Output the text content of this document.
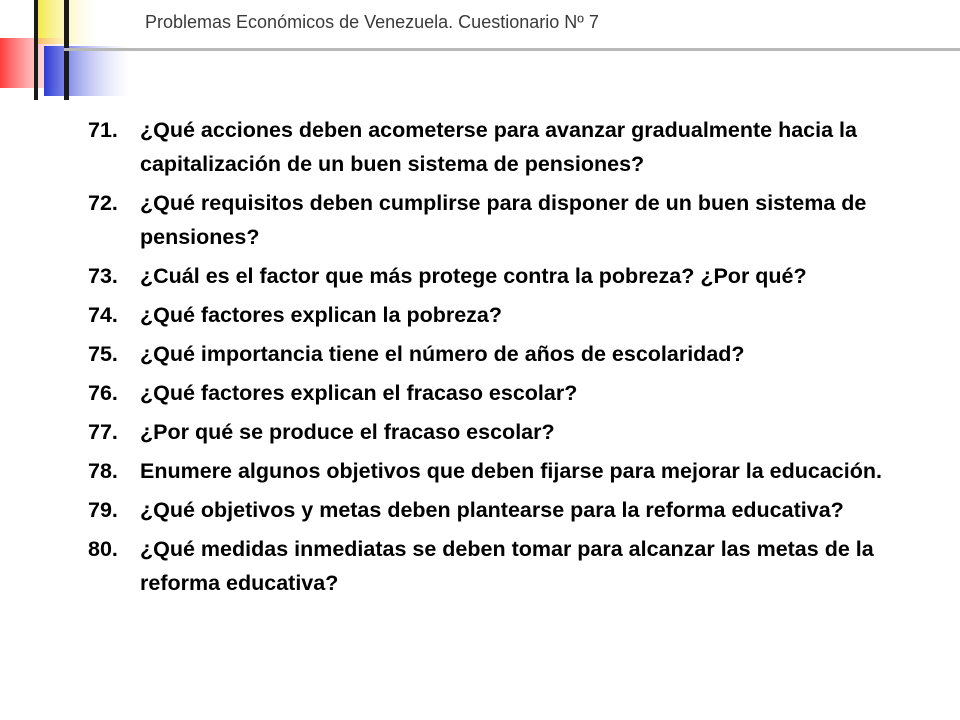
Problemas Económicos de Venezuela. Cuestionario Nº 7
71.	¿Qué acciones deben acometerse para avanzar gradualmente hacia la capitalización de un buen sistema de pensiones?
72.	¿Qué requisitos deben cumplirse para disponer de un buen sistema de pensiones?
73.	¿Cuál es el factor que más protege contra la pobreza? ¿Por qué?
74.	¿Qué factores explican la pobreza?
75.	¿Qué importancia tiene el número de años de escolaridad?
76.	¿Qué factores explican el fracaso escolar?
77.	¿Por qué se produce el fracaso escolar?
78.	Enumere algunos objetivos que deben fijarse para mejorar la educación.
79.	¿Qué objetivos y metas deben plantearse para la reforma educativa?
80.	¿Qué medidas inmediatas se deben tomar para alcanzar las metas de la reforma educativa?
